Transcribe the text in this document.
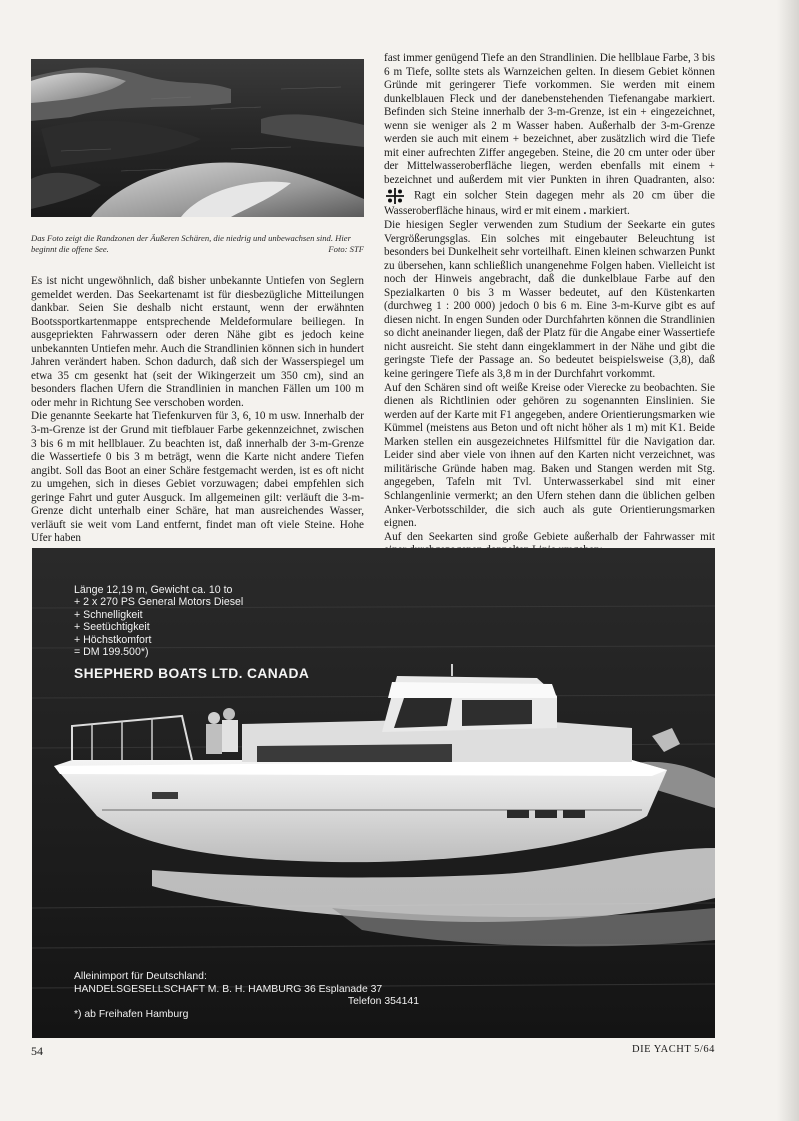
Das Foto zeigt die Randzonen der Äußeren Schären, die niedrig und unbewachsen sind. Hier beginnt die offene See.	Foto: STF

Es ist nicht ungewöhnlich, daß bisher unbekannte Untiefen von Seglern gemeldet werden. Das Seekartenamt ist für diesbezügliche Mitteilungen dankbar. Seien Sie deshalb nicht erstaunt, wenn der erwähnten Bootssportkartenmappe entsprechende Meldeformulare beiliegen. In ausgepriekten Fahrwassern oder deren Nähe gibt es jedoch keine unbekannten Untiefen mehr. Auch die Strandlinien können sich in hundert Jahren verändert haben. Schon dadurch, daß sich der Wasserspiegel um etwa 35 cm gesenkt hat (seit der Wikingerzeit um 350 cm), sind an besonders flachen Ufern die Strandlinien in manchen Fällen um 100 m oder mehr in Richtung See verschoben worden.

Die genannte Seekarte hat Tiefenkurven für 3, 6, 10 m usw. Innerhalb der 3-m-Grenze ist der Grund mit tiefblauer Farbe gekennzeichnet, zwischen 3 bis 6 m mit hellblauer. Zu beachten ist, daß innerhalb der 3-m-Grenze die Wassertiefe 0 bis 3 m beträgt, wenn die Karte nicht andere Tiefen angibt. Soll das Boot an einer Schäre festgemacht werden, ist es oft nicht zu umgehen, sich in dieses Gebiet vorzuwagen; dabei empfehlen sich geringe Fahrt und guter Ausguck. Im allgemeinen gilt: verläuft die 3-m-Grenze dicht unterhalb einer Schäre, hat man ausreichendes Wasser, verläuft sie weit vom Land entfernt, findet man oft viele Steine. Hohe Ufer haben

fast immer genügend Tiefe an den Strandlinien. Die hellblaue Farbe, 3 bis 6 m Tiefe, sollte stets als Warnzeichen gelten. In diesem Gebiet können Gründe mit geringerer Tiefe vorkommen. Sie werden mit einem dunkelblauen Fleck und der danebenstehenden Tiefenangabe markiert. Befinden sich Steine innerhalb der 3-m-Grenze, ist ein + eingezeichnet, wenn sie weniger als 2 m Wasser haben. Außerhalb der 3-m-Grenze werden sie auch mit einem + bezeichnet, aber zusätzlich wird die Tiefe mit einer aufrechten Ziffer angegeben. Steine, die 20 cm unter oder über der Mittelwasseroberfläche liegen, werden ebenfalls mit einem + bezeichnet und außerdem mit vier Punkten in ihren Quadranten, also:  Ragt ein solcher Stein dagegen mehr als 20 cm über die Wasseroberfläche hinaus, wird er mit einem . markiert.

Die hiesigen Segler verwenden zum Studium der Seekarte ein gutes Vergrößerungsglas. Ein solches mit eingebauter Beleuchtung ist besonders bei Dunkelheit sehr vorteilhaft. Einen kleinen schwarzen Punkt zu übersehen, kann schließlich unangenehme Folgen haben. Vielleicht ist noch der Hinweis angebracht, daß die dunkelblaue Farbe auf den Spezialkarten 0 bis 3 m Wasser bedeutet, auf den Küstenkarten (durchweg 1 : 200 000) jedoch 0 bis 6 m. Eine 3-m-Kurve gibt es auf diesen nicht. In engen Sunden oder Durchfahrten können die Strandlinien so dicht aneinander liegen, daß der Platz für die Angabe einer Wassertiefe nicht ausreicht. Sie steht dann eingeklammert in der Nähe und gibt die geringste Tiefe der Passage an. So bedeutet beispielsweise (3,8), daß keine geringere Tiefe als 3,8 m in der Durchfahrt vorkommt.

Auf den Schären sind oft weiße Kreise oder Vierecke zu beobachten. Sie dienen als Richtlinien oder gehören zu sogenannten Einslinien. Sie werden auf der Karte mit F1 angegeben, andere Orientierungsmarken wie Kümmel (meistens aus Beton und oft nicht höher als 1 m) mit K1. Beide Marken stellen ein ausgezeichnetes Hilfsmittel für die Navigation dar. Leider sind aber viele von ihnen auf den Karten nicht verzeichnet, was militärische Gründe haben mag. Baken und Stangen werden mit Stg. angegeben, Tafeln mit Tvl. Unterwasserkabel sind mit einer Schlangenlinie vermerkt; an den Ufern stehen dann die üblichen gelben Anker-Verbotsschilder, die sich auch als gute Orientierungsmarken eignen.

Auf den Seekarten sind große Gebiete außerhalb der Fahrwasser mit

Länge 12,19 m, Gewicht ca. 10 to
+ 2 x 270 PS General Motors Diesel
+ Schnelligkeit
+ Seetüchtigkeit
+ Höchstkomfort
= DM 199.500*)
SHEPHERD BOATS LTD. CANADA
Alleinimport für Deutschland:
HANDELSGESELLSCHAFT M. B. H. HAMBURG 36 Esplanade 37
Telefon 354141
*) ab Freihafen Hamburg
54	DIE YACHT 5/64
